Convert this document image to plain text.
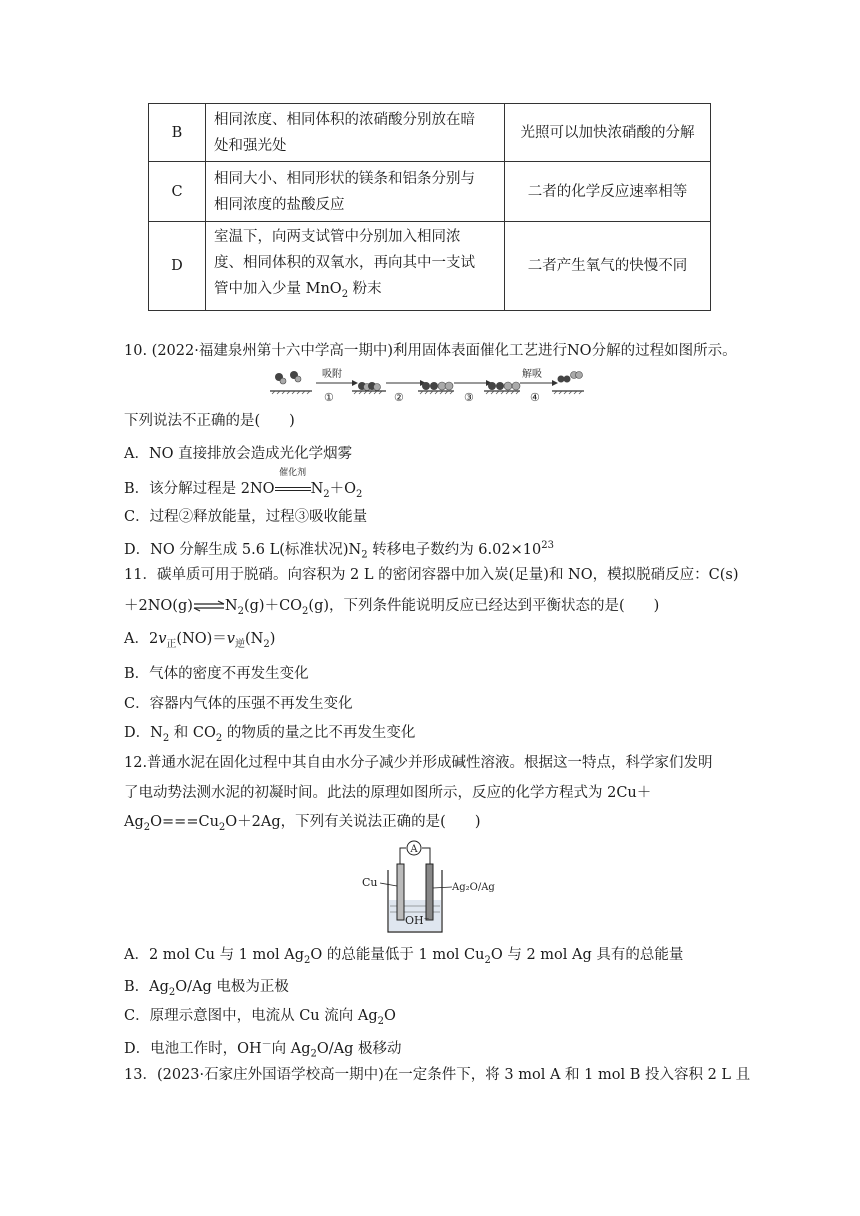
B	相同浓度、相同体积的浓硝酸分别放在暗
处和强光处	光照可以加快浓硝酸的分解
C	相同大小、相同形状的镁条和铝条分别与
相同浓度的盐酸反应	二者的化学反应速率相等
D	室温下，向两支试管中分别加入相同浓
度、相同体积的双氧水，再向其中一支试
管中加入少量 MnO$_2$ 粉末	二者产生氧气的快慢不同
10. (2022·福建泉州第十六中学高一期中)利用固体表面催化工艺进行NO分解的过程如图所示。
吸附
①	②	③
解吸
④
下列说法不正确的是(　　)
A．NO 直接排放会造成光化学烟雾
B．该分解过程是 2NO
催化剂
$N_2+O_2$
C．过程②释放能量，过程③吸收能量
D．NO 分解生成 5.6 L(标准状况)$N_2$ 转移电子数约为 $6.02\times 10^{23}$
11．碳单质可用于脱硝。向容积为 2 L 的密闭容器中加入炭(足量)和 NO，模拟脱硝反应：C(s)
$+2NO(g)\rightleftharpoons N_2(g)+CO_2(g)$，下列条件能说明反应已经达到平衡状态的是(　　)
A．$2v_正(NO)=v_逆(N_2)$
B．气体的密度不再发生变化
C．容器内气体的压强不再发生变化
D．$N_2$ 和 $CO_2$ 的物质的量之比不再发生变化
12.普通水泥在固化过程中其自由水分子减少并形成碱性溶液。根据这一特点，科学家们发明
了电动势法测水泥的初凝时间。此法的原理如图所示，反应的化学方程式为 2Cu＋
$Ag_2O===Cu_2O+2Ag$，下列有关说法正确的是(　　)
A
Cu	Ag₂O/Ag
OH⁻
A．2 mol Cu 与 1 mol $Ag_2O$ 的总能量低于 1 mol $Cu_2O$ 与 2 mol Ag 具有的总能量
B．$Ag_2O/Ag$ 电极为正极
C．原理示意图中，电流从 Cu 流向 $Ag_2O$
D．电池工作时，OH－向 $Ag_2O/Ag$ 极移动
13．(2023·石家庄外国语学校高一期中)在一定条件下，将 3 mol A 和 1 mol B 投入容积 2 L 且
